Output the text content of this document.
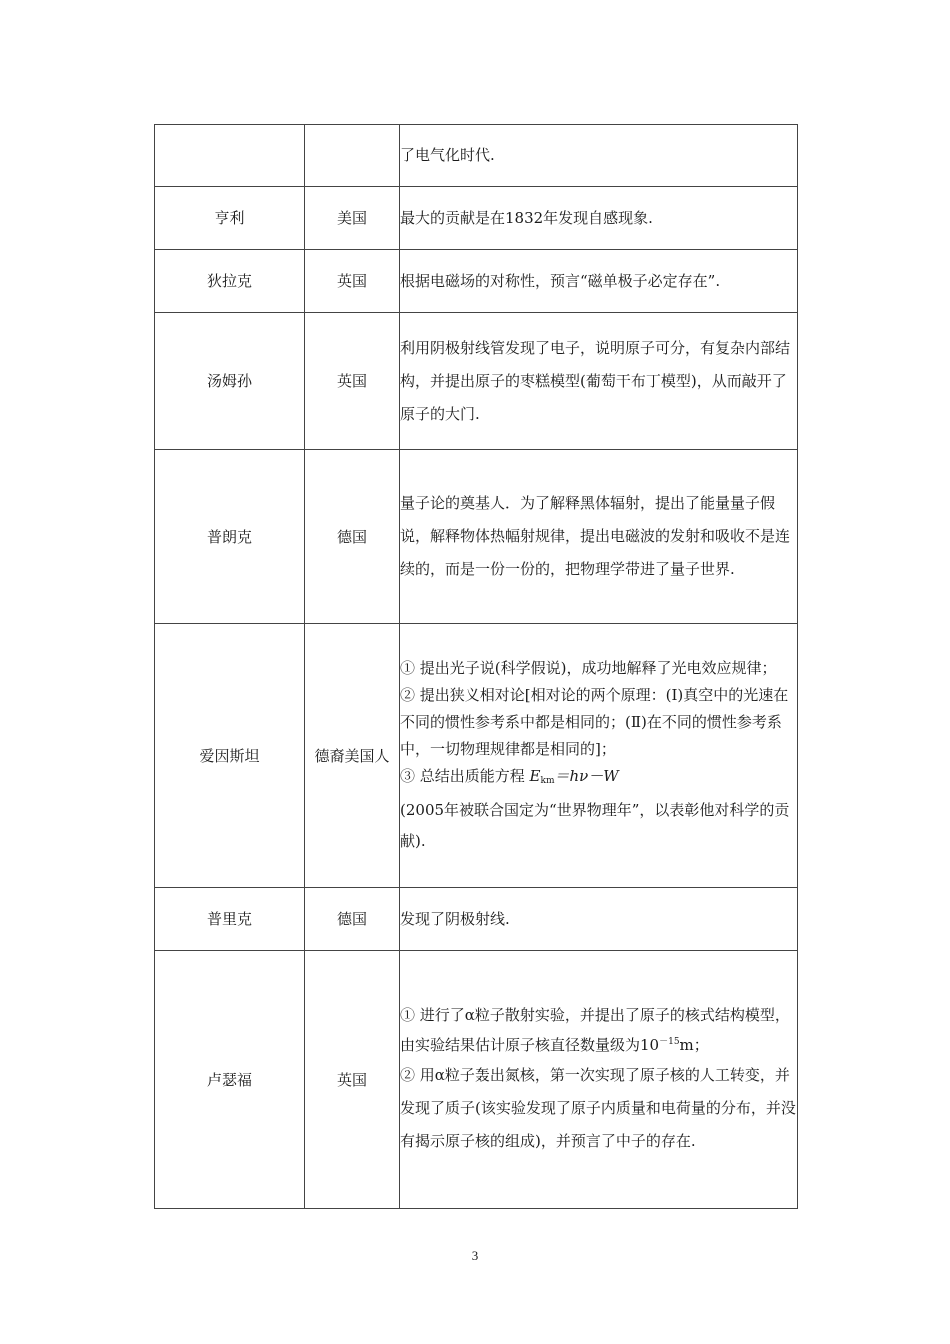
		了电气化时代.

亨利	美国	最大的贡献是在1832年发现自感现象.

狄拉克	英国	根据电磁场的对称性，预言“磁单极子必定存在”.

汤姆孙	英国	利用阴极射线管发现了电子，说明原子可分，有复杂内部结构，并提出原子的枣糕模型(葡萄干布丁模型)，从而敲开了原子的大门.

普朗克	德国	量子论的奠基人．为了解释黑体辐射，提出了能量量子假说，解释物体热幅射规律，提出电磁波的发射和吸收不是连续的，而是一份一份的，把物理学带进了量子世界.

爱因斯坦	德裔美国人	① 提出光子说(科学假说)，成功地解释了光电效应规律；

② 提出狭义相对论[相对论的两个原理：(Ⅰ)真空中的光速在不同的惯性参考系中都是相同的；(Ⅱ)在不同的惯性参考系中，一切物理规律都是相同的]；

③ 总结出质能方程 $E_{km}=h\nu-W$

(2005年被联合国定为“世界物理年”，以表彰他对科学的贡献).

普里克	德国	发现了阴极射线.

卢瑟福	英国	① 进行了α粒子散射实验，并提出了原子的核式结构模型，由实验结果估计原子核直径数量级为$10^{-15}m$；

② 用α粒子轰出氮核，第一次实现了原子核的人工转变，并发现了质子(该实验发现了原子内质量和电荷量的分布，并没有揭示原子核的组成)，并预言了中子的存在.

3
